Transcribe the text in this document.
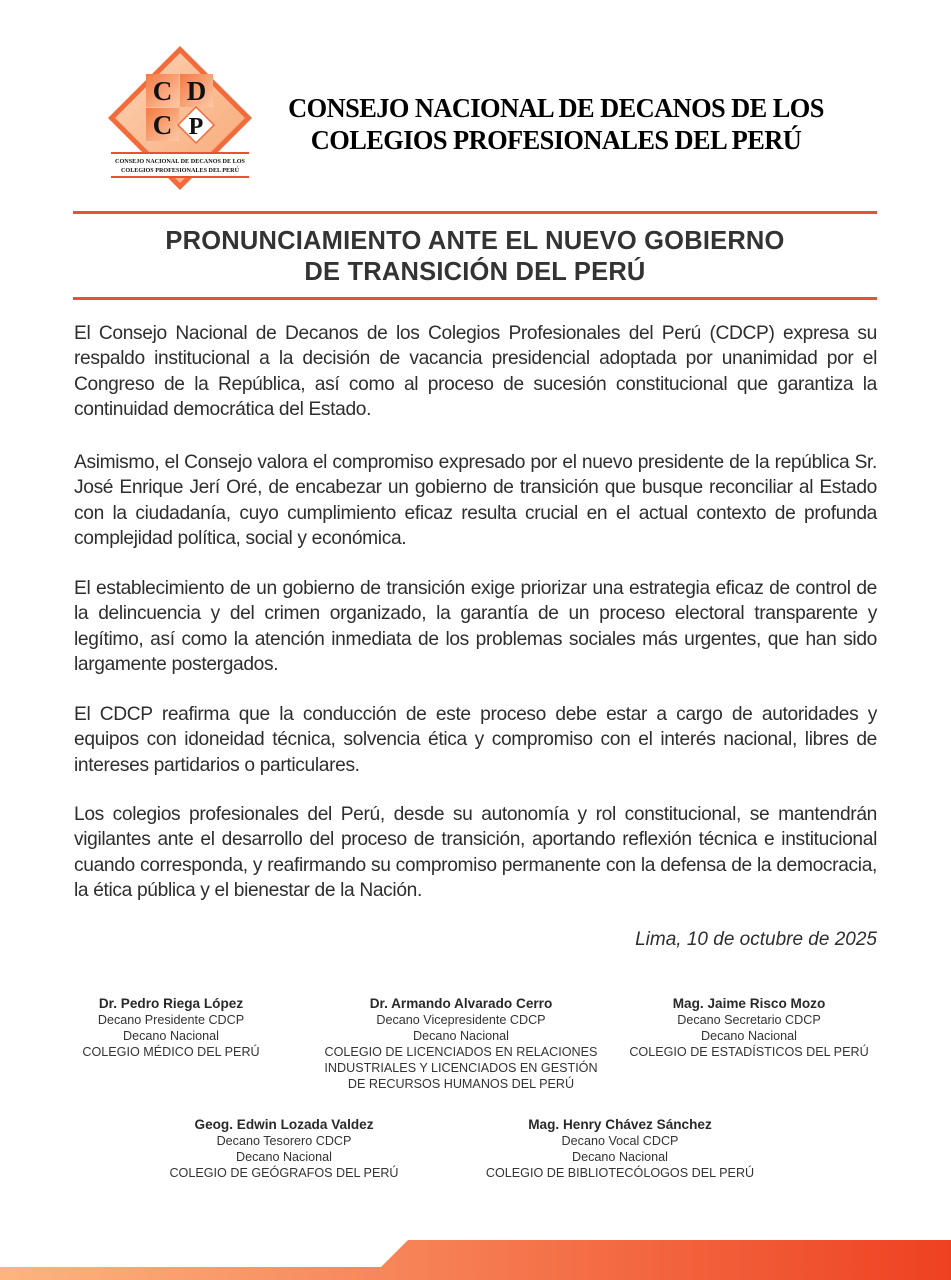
C D
C P
CONSEJO NACIONAL DE DECANOS DE LOS
COLEGIOS PROFESIONALES DEL PERÚ
CONSEJO NACIONAL DE DECANOS DE LOS
COLEGIOS PROFESIONALES DEL PERÚ
PRONUNCIAMIENTO ANTE EL NUEVO GOBIERNO
DE TRANSICIÓN DEL PERÚ
El Consejo Nacional de Decanos de los Colegios Profesionales del Perú (CDCP) expresa su respaldo institucional a la decisión de vacancia presidencial adoptada por unanimidad por el Congreso de la República, así como al proceso de sucesión constitucional que garantiza la continuidad democrática del Estado.
Asimismo, el Consejo valora el compromiso expresado por el nuevo presidente de la república Sr. José Enrique Jerí Oré, de encabezar un gobierno de transición que busque reconciliar al Estado con la ciudadanía, cuyo cumplimiento eficaz resulta crucial en el actual contexto de profunda complejidad política, social y económica.
El establecimiento de un gobierno de transición exige priorizar una estrategia eficaz de control de la delincuencia y del crimen organizado, la garantía de un proceso electoral transparente y legítimo, así como la atención inmediata de los problemas sociales más urgentes, que han sido largamente postergados.
El CDCP reafirma que la conducción de este proceso debe estar a cargo de autoridades y equipos con idoneidad técnica, solvencia ética y compromiso con el interés nacional, libres de intereses partidarios o particulares.
Los colegios profesionales del Perú, desde su autonomía y rol constitucional, se mantendrán vigilantes ante el desarrollo del proceso de transición, aportando reflexión técnica e institucional cuando corresponda, y reafirmando su compromiso permanente con la defensa de la democracia, la ética pública y el bienestar de la Nación.
Lima, 10 de octubre de 2025
Dr. Pedro Riega López
Decano Presidente CDCP
Decano Nacional
COLEGIO MÉDICO DEL PERÚ
Dr. Armando Alvarado Cerro
Decano Vicepresidente CDCP
Decano Nacional
COLEGIO DE LICENCIADOS EN RELACIONES
INDUSTRIALES Y LICENCIADOS EN GESTIÓN
DE RECURSOS HUMANOS DEL PERÚ
Mag. Jaime Risco Mozo
Decano Secretario CDCP
Decano Nacional
COLEGIO DE ESTADÍSTICOS DEL PERÚ
Geog. Edwin Lozada Valdez
Decano Tesorero CDCP
Decano Nacional
COLEGIO DE GEÓGRAFOS DEL PERÚ
Mag. Henry Chávez Sánchez
Decano Vocal CDCP
Decano Nacional
COLEGIO DE BIBLIOTECÓLOGOS DEL PERÚ
